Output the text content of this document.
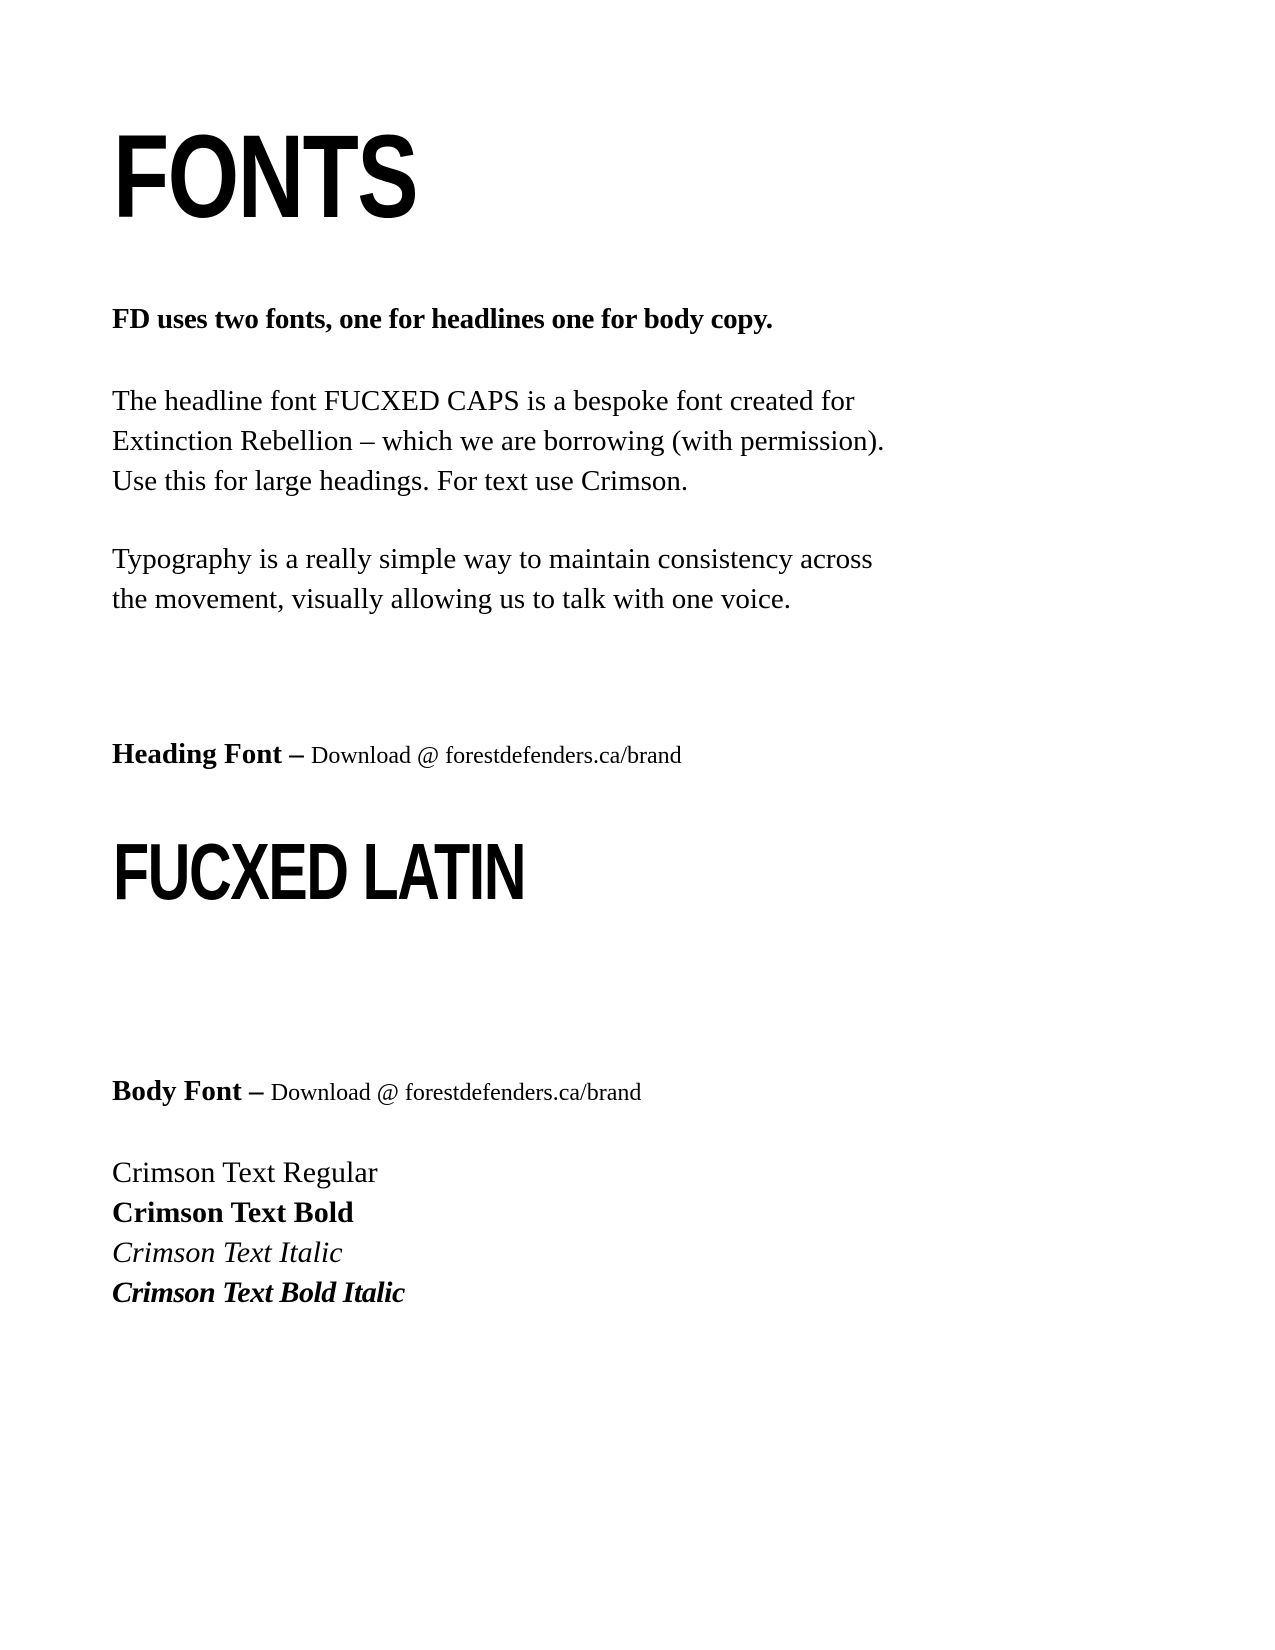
FONTS
FD uses two fonts, one for headlines one for body copy.
The headline font FUCXED CAPS is a bespoke font created for
Extinction Rebellion – which we are borrowing (with permission).
Use this for large headings. For text use Crimson.
Typography is a really simple way to maintain consistency across
the movement, visually allowing us to talk with one voice.
Heading Font – Download @ forestdefenders.ca/brand
FUCXED LATIN
Body Font – Download @ forestdefenders.ca/brand
Crimson Text Regular
Crimson Text Bold
Crimson Text Italic
Crimson Text Bold Italic
